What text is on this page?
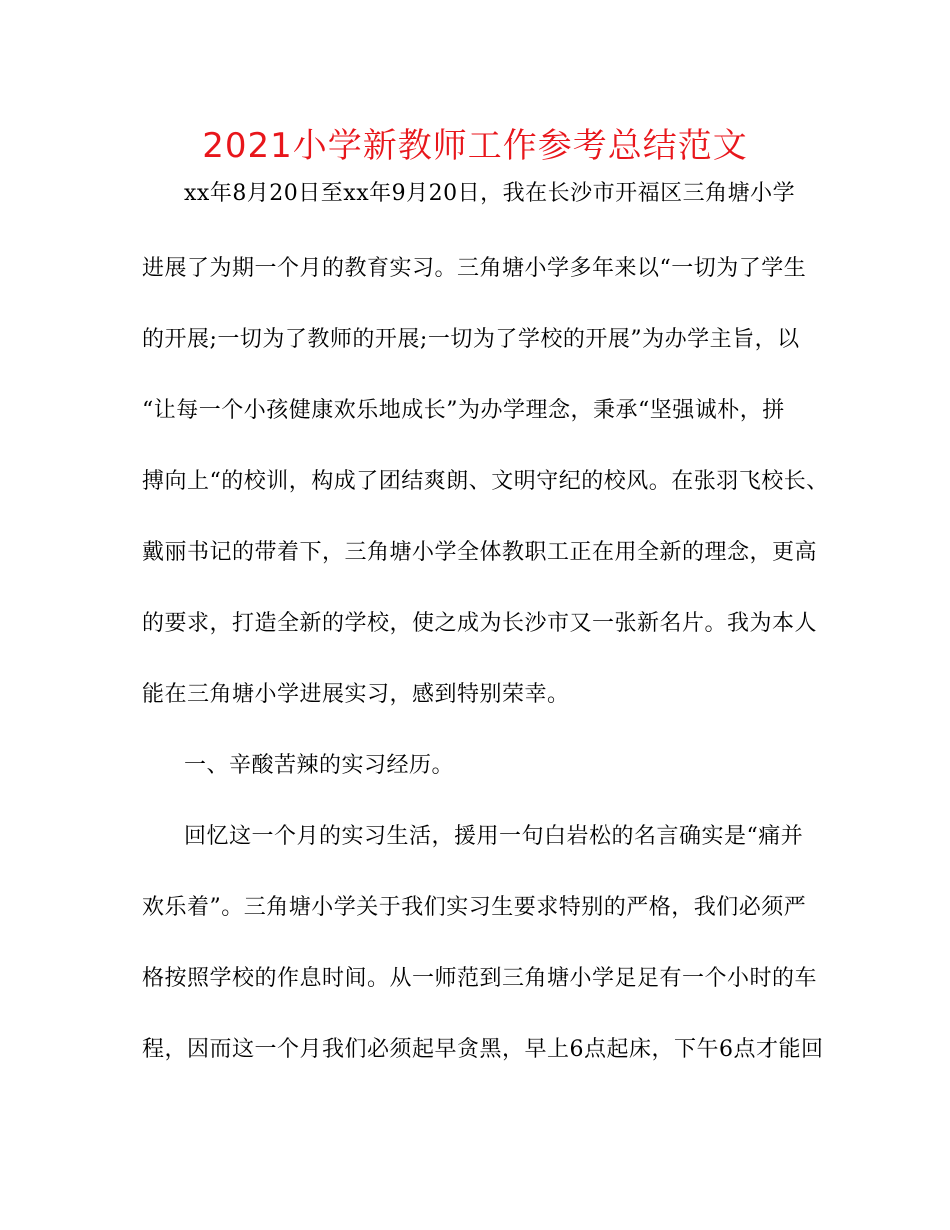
2021小学新教师工作参考总结范文
xx年8月20日至xx年9月20日，我在长沙市开福区三角塘小学
进展了为期一个月的教育实习。三角塘小学多年来以“一切为了学生
的开展;一切为了教师的开展;一切为了学校的开展”为办学主旨，以
“让每一个小孩健康欢乐地成长”为办学理念，秉承“坚强诚朴，拼
搏向上“的校训，构成了团结爽朗、文明守纪的校风。在张羽飞校长、
戴丽书记的带着下，三角塘小学全体教职工正在用全新的理念，更高
的要求，打造全新的学校，使之成为长沙市又一张新名片。我为本人
能在三角塘小学进展实习，感到特别荣幸。
一、辛酸苦辣的实习经历。
回忆这一个月的实习生活，援用一句白岩松的名言确实是“痛并
欢乐着”。三角塘小学关于我们实习生要求特别的严格，我们必须严
格按照学校的作息时间。从一师范到三角塘小学足足有一个小时的车
程，因而这一个月我们必须起早贪黑，早上6点起床，下午6点才能回
